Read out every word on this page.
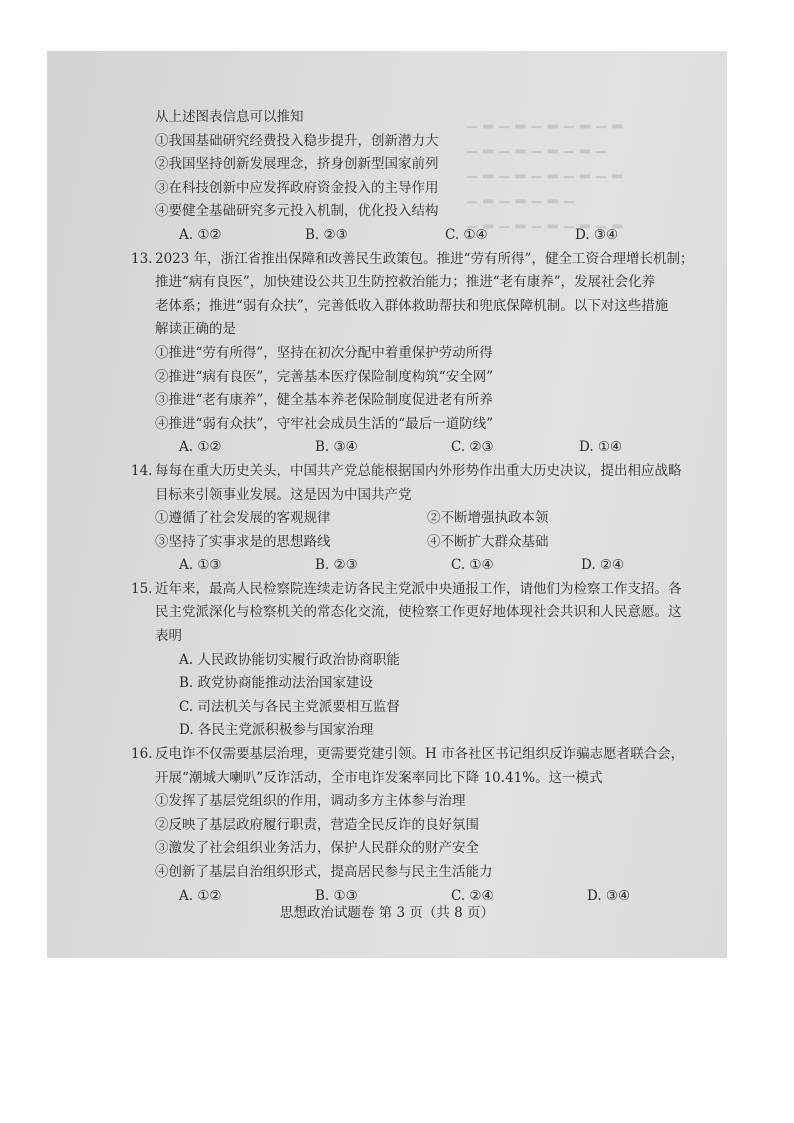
▁ ▂ ▁ ▂ ▁ ▂ ▁ ▂ ▁ ▂
▁ ▂ ▁ ▂ ▁ ▂ ▁ ▂ ▁
▁ ▂ ▁ ▂ ▁ ▂ ▁ ▂ ▁ ▂
▁ ▂ ▁ ▂ ▁ ▂ ▁
▁ ▂ ▁ ▂ ▁ ▂ ▁ ▂ ▁ ▂
从上述图表信息可以推知
①我国基础研究经费投入稳步提升，创新潜力大
②我国坚持创新发展理念，挤身创新型国家前列
③在科技创新中应发挥政府资金投入的主导作用
④要健全基础研究多元投入机制，优化投入结构
A. ①②	B. ②③	C. ①④	D. ③④
13. 2023 年，浙江省推出保障和改善民生政策包。推进“劳有所得”，健全工资合理增长机制；
推进“病有良医”，加快建设公共卫生防控救治能力；推进“老有康养”，发展社会化养
老体系；推进“弱有众扶”，完善低收入群体救助帮扶和兜底保障机制。以下对这些措施
解读正确的是
①推进“劳有所得”，坚持在初次分配中着重保护劳动所得
②推进“病有良医”，完善基本医疗保险制度构筑“安全网”
③推进“老有康养”，健全基本养老保险制度促进老有所养
④推进“弱有众扶”，守牢社会成员生活的“最后一道防线”
A. ①②	B. ③④	C. ②③	D. ①④
14. 每每在重大历史关头，中国共产党总能根据国内外形势作出重大历史决议，提出相应战略
目标来引领事业发展。这是因为中国共产党
①遵循了社会发展的客观规律	②不断增强执政本领
③坚持了实事求是的思想路线	④不断扩大群众基础
A. ①③	B. ②③	C. ①④	D. ②④
15. 近年来，最高人民检察院连续走访各民主党派中央通报工作，请他们为检察工作支招。各
民主党派深化与检察机关的常态化交流，使检察工作更好地体现社会共识和人民意愿。这
表明
A. 人民政协能切实履行政治协商职能
B. 政党协商能推动法治国家建设
C. 司法机关与各民主党派要相互监督
D. 各民主党派积极参与国家治理
16. 反电诈不仅需要基层治理，更需要党建引领。H 市各社区书记组织反诈骗志愿者联合会，
开展“潮城大喇叭”反诈活动，全市电诈发案率同比下降 10.41%。这一模式
①发挥了基层党组织的作用，调动多方主体参与治理
②反映了基层政府履行职责，营造全民反诈的良好氛围
③激发了社会组织业务活力，保护人民群众的财产安全
④创新了基层自治组织形式，提高居民参与民主生活能力
A. ①②	B. ①③	C. ②④	D. ③④
思想政治试题卷 第 3 页（共 8 页）
